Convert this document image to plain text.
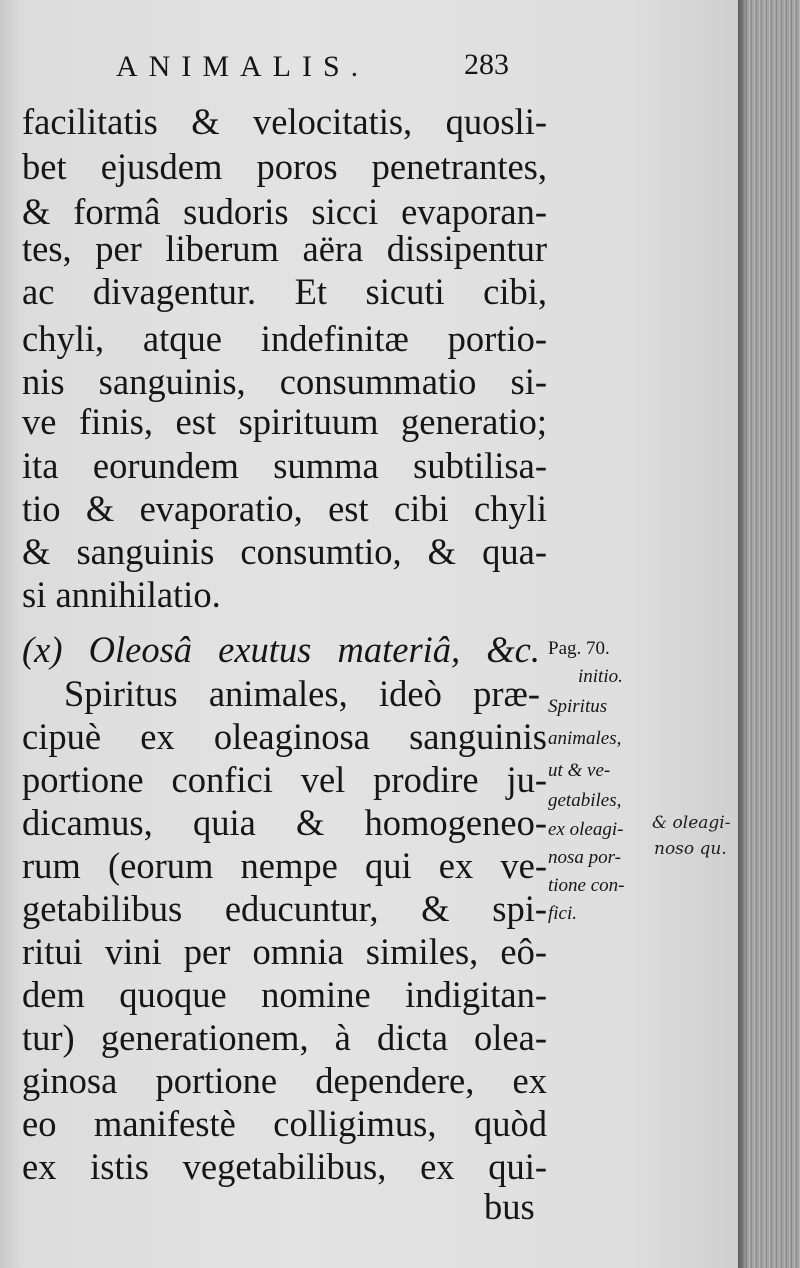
ANIMALIS.	283
facilitatis & velocitatis, quosli-
bet ejusdem poros penetrantes,
& formâ sudoris sicci evaporan-
tes, per liberum aëra dissipentur
ac divagentur. Et sicuti cibi,
chyli, atque indefinitæ portio-
nis sanguinis, consummatio si-
ve finis, est spirituum generatio;
ita eorundem summa subtilisa-
tio & evaporatio, est cibi chyli
& sanguinis consumtio, & qua-
si annihilatio.
(x) Oleosâ exutus materiâ, &c.
Spiritus animales, ideò præ-
cipuè ex oleaginosa sanguinis
portione confici vel prodire ju-
dicamus, quia & homogeneo-
rum (eorum nempe qui ex ve-
getabilibus educuntur, & spi-
ritui vini per omnia similes, eô-
dem quoque nomine indigitan-
tur) generationem, à dicta olea-
ginosa portione dependere, ex
eo manifestè colligimus, quòd
ex istis vegetabilibus, ex qui-
bus
Pag. 70.
initio.
Spiritus
animales,
ut & ve-
getabiles,
ex oleagi-
nosa por-
tione con-
fici.
& oleagi-
noso qu.
